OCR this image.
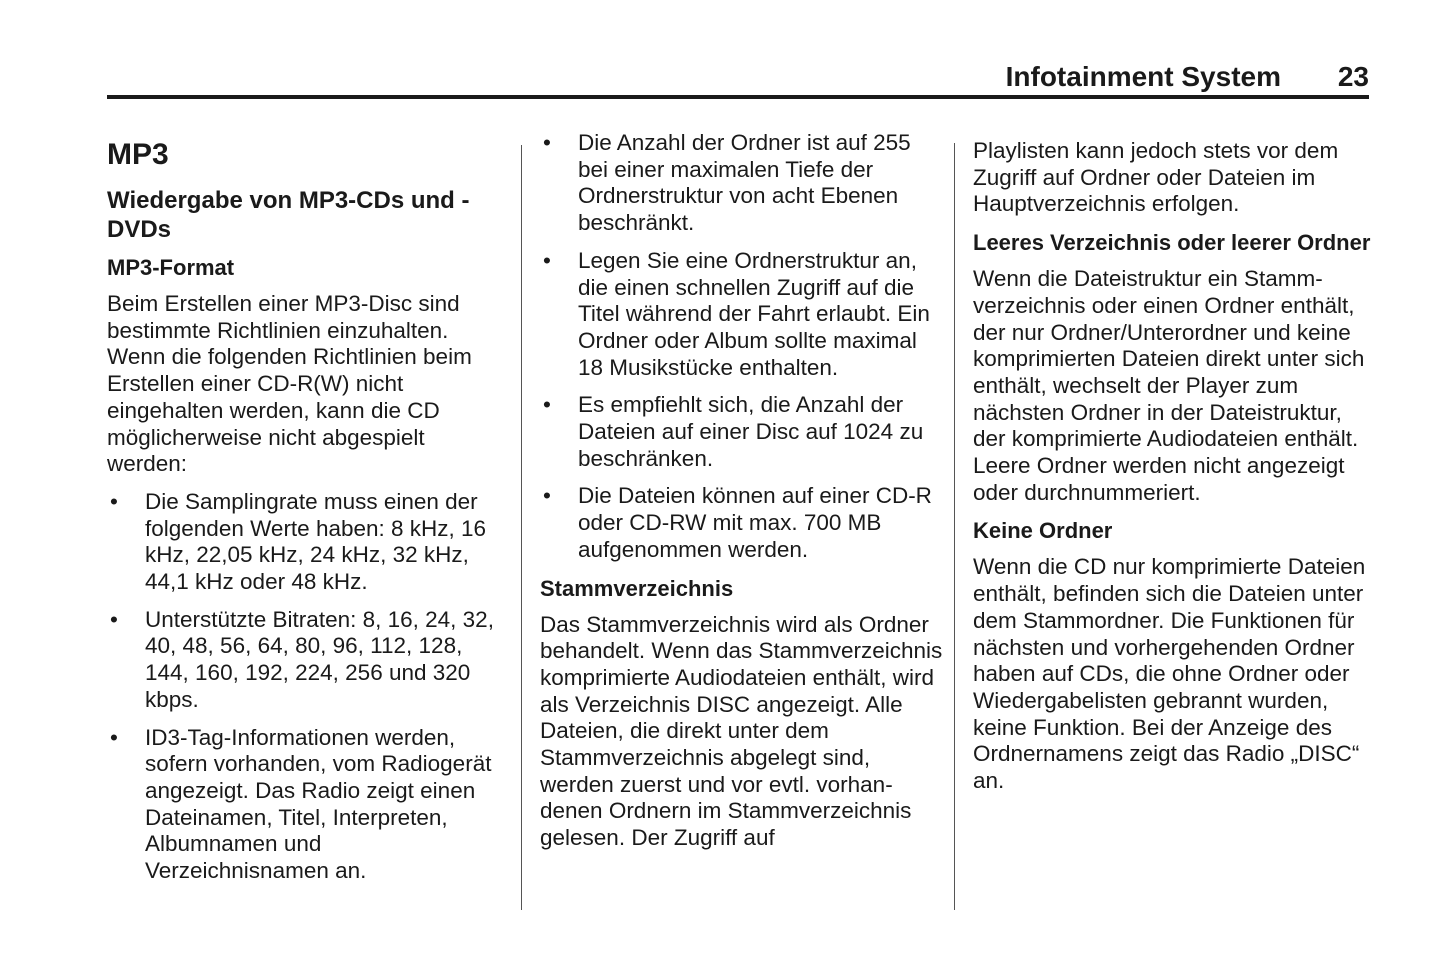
Infotainment System 23
MP3
Wiedergabe von MP3-CDs und -DVDs
MP3-Format

Beim Erstellen einer MP3-Disc sind bestimmte Richtlinien einzuhalten. Wenn die folgenden Richtlinien beim Erstellen einer CD-R(W) nicht eingehalten werden, kann die CD möglicherweise nicht abgespielt werden:

• Die Samplingrate muss einen der folgenden Werte haben: 8 kHz, 16 kHz, 22,05 kHz, 24 kHz, 32 kHz, 44,1 kHz oder 48 kHz.
• Unterstützte Bitraten: 8, 16, 24, 32, 40, 48, 56, 64, 80, 96, 112, 128, 144, 160, 192, 224, 256 und 320 kbps.
• ID3-Tag-Informationen werden, sofern vorhanden, vom Radiogerät angezeigt. Das Radio zeigt einen Dateinamen, Titel, Interpreten, Albumnamen und Verzeichnisnamen an.
• Die Anzahl der Ordner ist auf 255 bei einer maximalen Tiefe der Ordnerstruktur von acht Ebenen beschränkt.
• Legen Sie eine Ordnerstruktur an, die einen schnellen Zugriff auf die Titel während der Fahrt erlaubt. Ein Ordner oder Album sollte maximal 18 Musikstücke enthalten.
• Es empfiehlt sich, die Anzahl der Dateien auf einer Disc auf 1024 zu beschränken.
• Die Dateien können auf einer CD-R oder CD-RW mit max. 700 MB aufgenommen werden.
Stammverzeichnis

Das Stammverzeichnis wird als Ordner behandelt. Wenn das Stammverzeichnis komprimierte Audiodateien enthält, wird als Verzeichnis DISC angezeigt. Alle Dateien, die direkt unter dem Stammverzeichnis abgelegt sind, werden zuerst und vor evtl. vorhandenen Ordnern im Stammverzeichnis gelesen. Der Zugriff auf

Playlisten kann jedoch stets vor dem Zugriff auf Ordner oder Dateien im Hauptverzeichnis erfolgen.

Leeres Verzeichnis oder leerer Ordner

Wenn die Dateistruktur ein Stammverzeichnis oder einen Ordner enthält, der nur Ordner/Unterordner und keine komprimierten Dateien direkt unter sich enthält, wechselt der Player zum nächsten Ordner in der Dateistruktur, der komprimierte Audiodateien enthält. Leere Ordner werden nicht angezeigt oder durchnummeriert.

Keine Ordner

Wenn die CD nur komprimierte Dateien enthält, befinden sich die Dateien unter dem Stammordner. Die Funktionen für nächsten und vorhergehenden Ordner haben auf CDs, die ohne Ordner oder Wiedergabelisten gebrannt wurden, keine Funktion. Bei der Anzeige des Ordnernamens zeigt das Radio „DISC“ an.
